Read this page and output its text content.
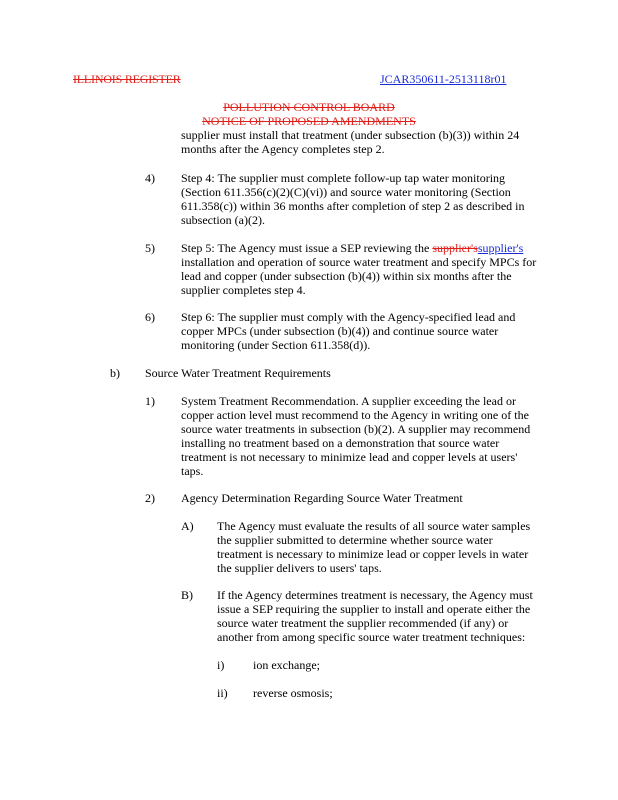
ILLINOIS REGISTER	JCAR350611-2513118r01
POLLUTION CONTROL BOARD
NOTICE OF PROPOSED AMENDMENTS
supplier must install that treatment (under subsection (b)(3)) within 24
months after the Agency completes step 2.
4) Step 4: The supplier must complete follow-up tap water monitoring
(Section 611.356(c)(2)(C)(vi)) and source water monitoring (Section
611.358(c)) within 36 months after completion of step 2 as described in
subsection (a)(2).
5) Step 5: The Agency must issue a SEP reviewing the supplier'ssupplier's
installation and operation of source water treatment and specify MPCs for
lead and copper (under subsection (b)(4)) within six months after the
supplier completes step 4.
6) Step 6: The supplier must comply with the Agency-specified lead and
copper MPCs (under subsection (b)(4)) and continue source water
monitoring (under Section 611.358(d)).
b) Source Water Treatment Requirements
1) System Treatment Recommendation. A supplier exceeding the lead or
copper action level must recommend to the Agency in writing one of the
source water treatments in subsection (b)(2). A supplier may recommend
installing no treatment based on a demonstration that source water
treatment is not necessary to minimize lead and copper levels at users'
taps.
2) Agency Determination Regarding Source Water Treatment
A) The Agency must evaluate the results of all source water samples
the supplier submitted to determine whether source water
treatment is necessary to minimize lead or copper levels in water
the supplier delivers to users' taps.
B) If the Agency determines treatment is necessary, the Agency must
issue a SEP requiring the supplier to install and operate either the
source water treatment the supplier recommended (if any) or
another from among specific source water treatment techniques:
i) ion exchange;
ii) reverse osmosis;
